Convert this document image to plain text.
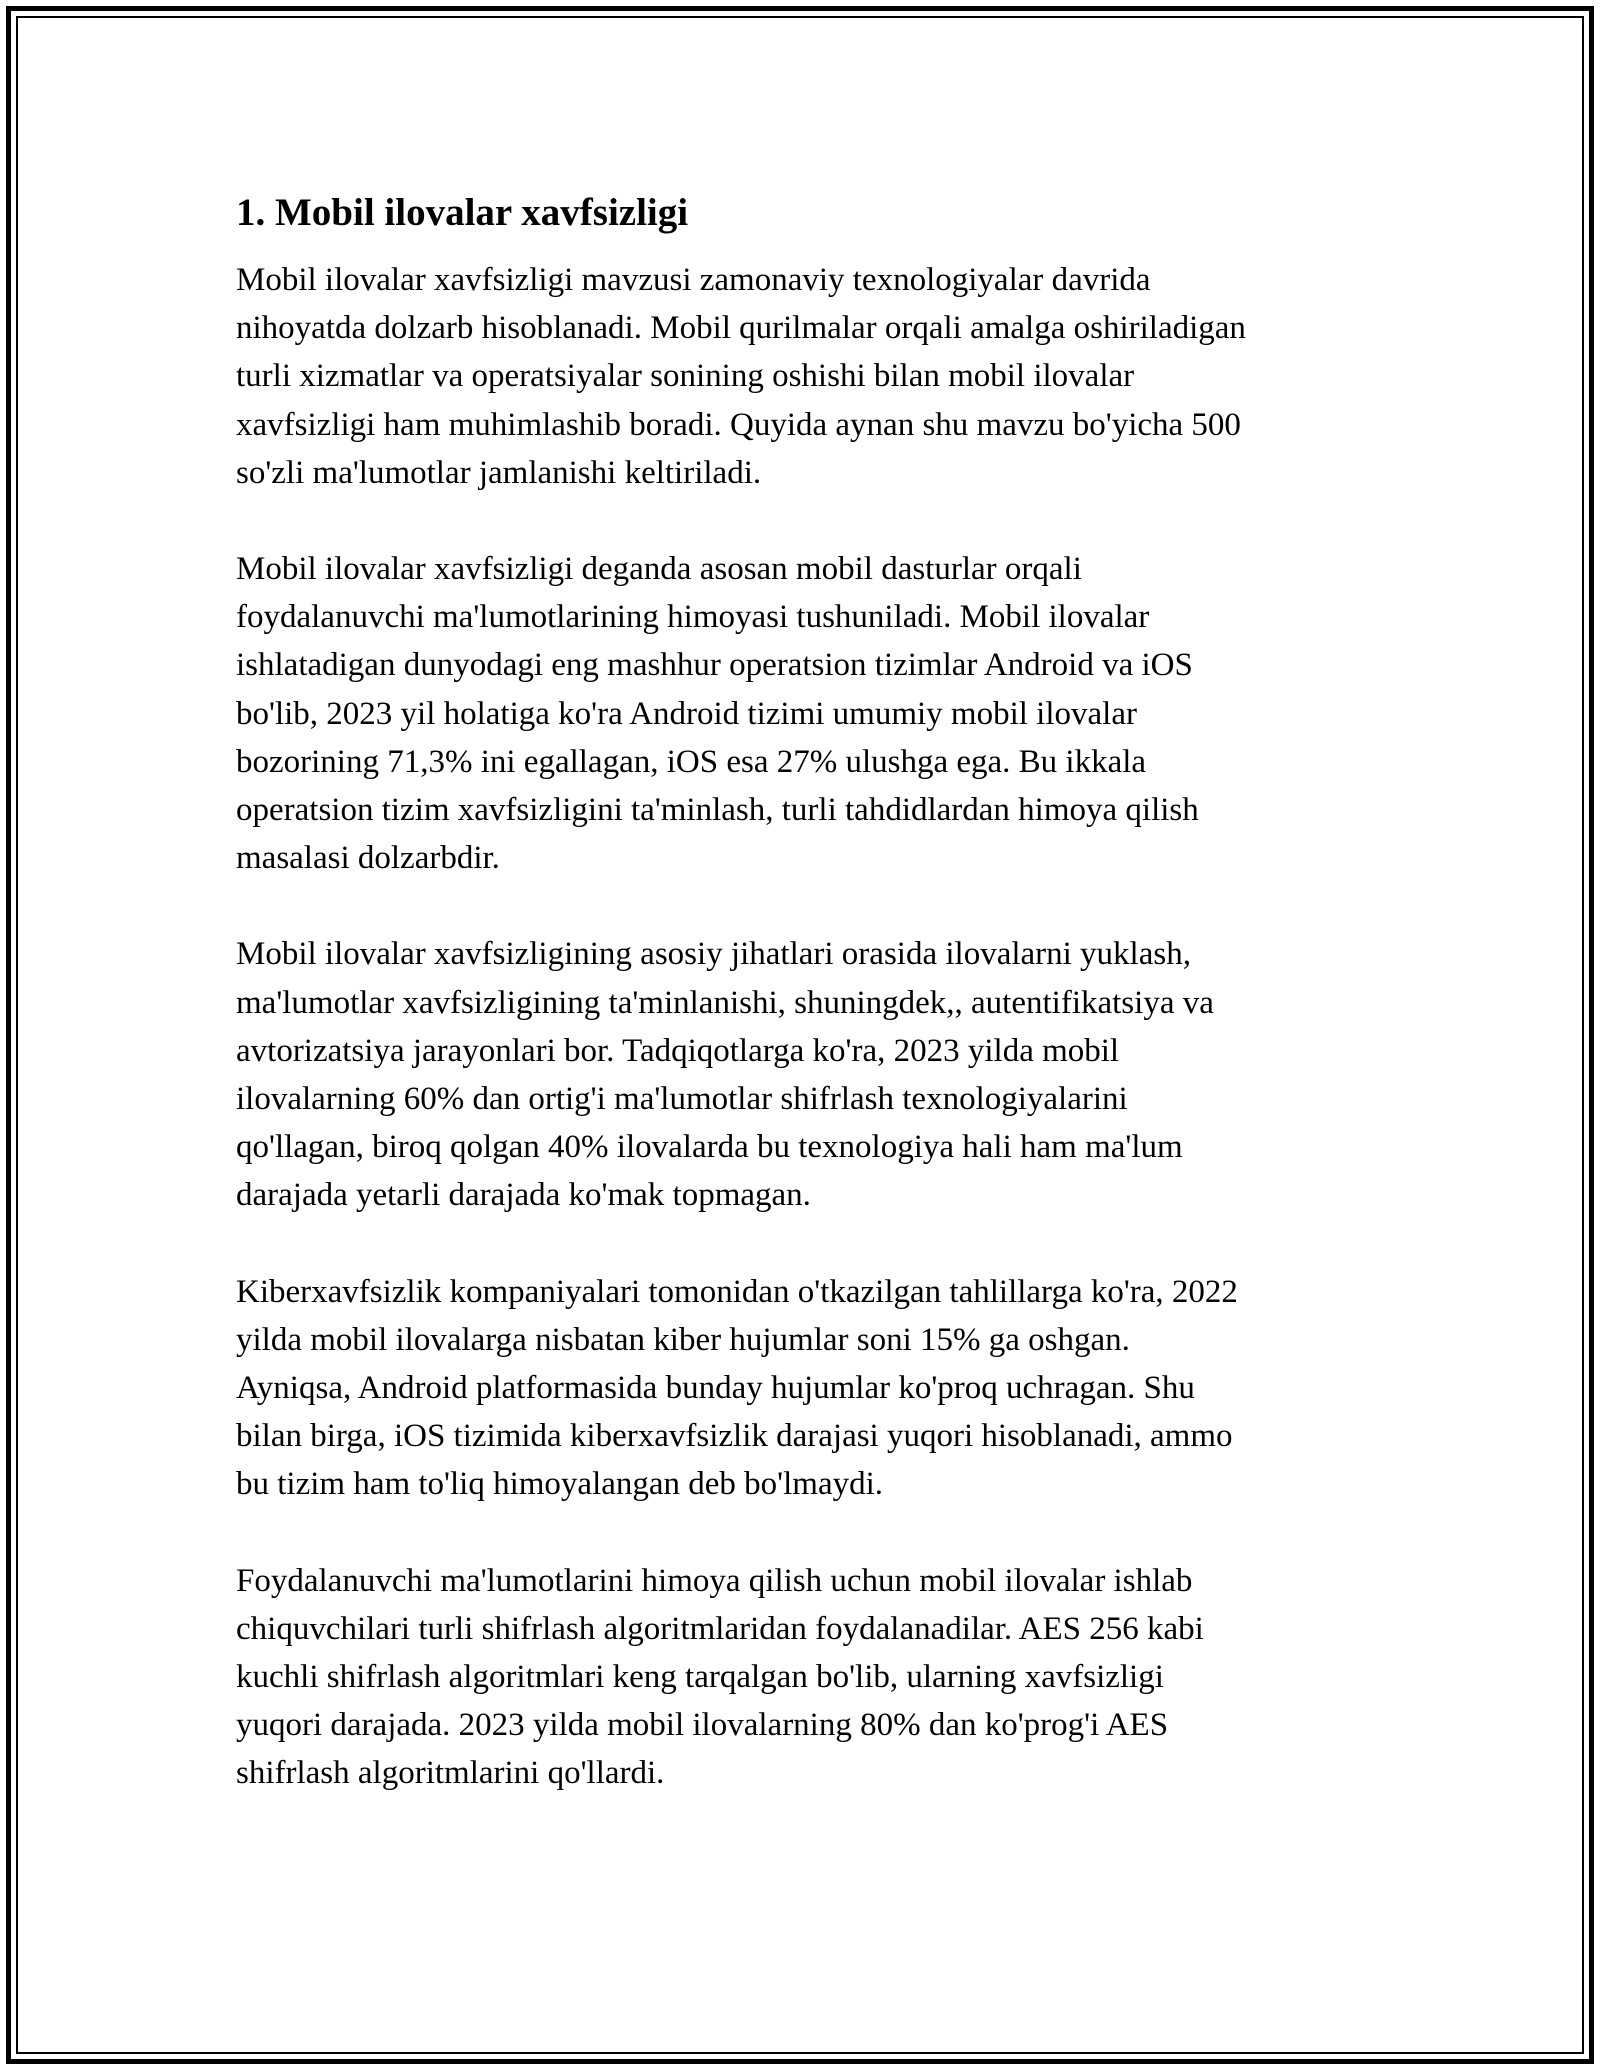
1. Mobil ilovalar xavfsizligi

Mobil ilovalar xavfsizligi mavzusi zamonaviy texnologiyalar davrida
nihoyatda dolzarb hisoblanadi. Mobil qurilmalar orqali amalga oshiriladigan
turli xizmatlar va operatsiyalar sonining oshishi bilan mobil ilovalar
xavfsizligi ham muhimlashib boradi. Quyida aynan shu mavzu bo'yicha 500
so'zli ma'lumotlar jamlanishi keltiriladi.

Mobil ilovalar xavfsizligi deganda asosan mobil dasturlar orqali
foydalanuvchi ma'lumotlarining himoyasi tushuniladi. Mobil ilovalar
ishlatadigan dunyodagi eng mashhur operatsion tizimlar Android va iOS
bo'lib, 2023 yil holatiga ko'ra Android tizimi umumiy mobil ilovalar
bozorining 71,3% ini egallagan, iOS esa 27% ulushga ega. Bu ikkala
operatsion tizim xavfsizligini ta'minlash, turli tahdidlardan himoya qilish
masalasi dolzarbdir.

Mobil ilovalar xavfsizligining asosiy jihatlari orasida ilovalarni yuklash,
ma'lumotlar xavfsizligining ta'minlanishi, shuningdek,, autentifikatsiya va
avtorizatsiya jarayonlari bor. Tadqiqotlarga ko'ra, 2023 yilda mobil
ilovalarning 60% dan ortig'i ma'lumotlar shifrlash texnologiyalarini
qo'llagan, biroq qolgan 40% ilovalarda bu texnologiya hali ham ma'lum
darajada yetarli darajada ko'mak topmagan.

Kiberxavfsizlik kompaniyalari tomonidan o'tkazilgan tahlillarga ko'ra, 2022
yilda mobil ilovalarga nisbatan kiber hujumlar soni 15% ga oshgan.
Ayniqsa, Android platformasida bunday hujumlar ko'proq uchragan. Shu
bilan birga, iOS tizimida kiberxavfsizlik darajasi yuqori hisoblanadi, ammo
bu tizim ham to'liq himoyalangan deb bo'lmaydi.

Foydalanuvchi ma'lumotlarini himoya qilish uchun mobil ilovalar ishlab
chiquvchilari turli shifrlash algoritmlaridan foydalanadilar. AES 256 kabi
kuchli shifrlash algoritmlari keng tarqalgan bo'lib, ularning xavfsizligi
yuqori darajada. 2023 yilda mobil ilovalarning 80% dan ko'prog'i AES
shifrlash algoritmlarini qo'llardi.
